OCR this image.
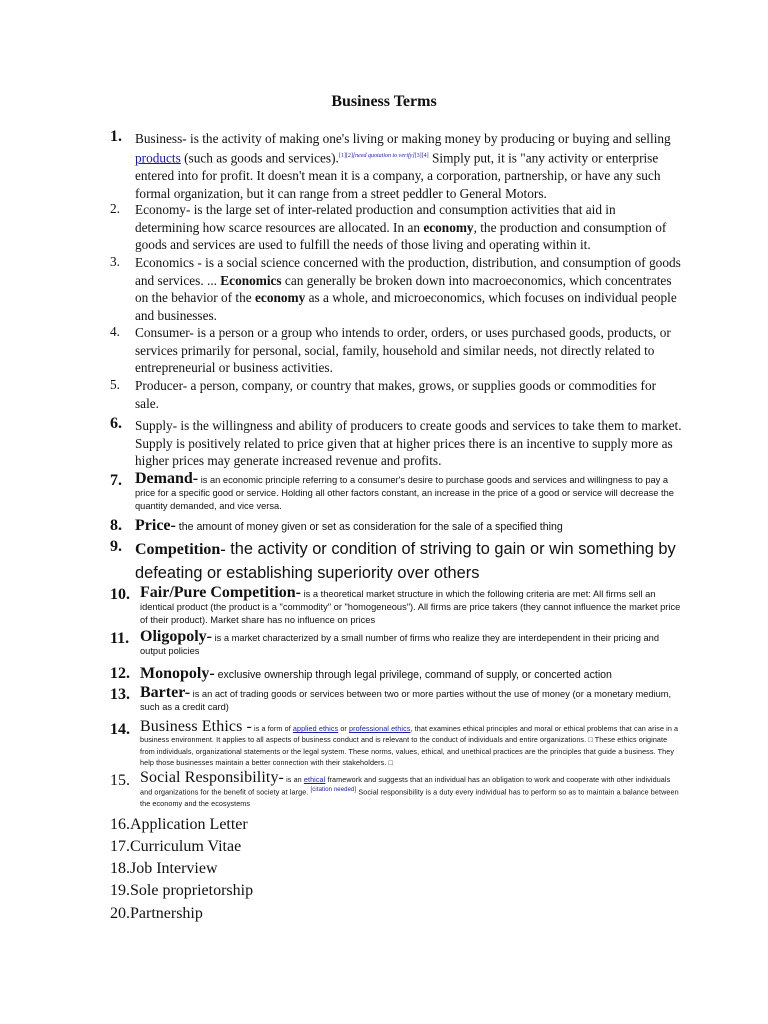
Business Terms
1. Business- is the activity of making one's living or making money by producing or buying and selling products (such as goods and services).[1][2][need quotation to verify][3][4] Simply put, it is "any activity or enterprise entered into for profit. It doesn't mean it is a company, a corporation, partnership, or have any such formal organization, but it can range from a street peddler to General Motors.
2. Economy- is the large set of inter-related production and consumption activities that aid in determining how scarce resources are allocated. In an economy, the production and consumption of goods and services are used to fulfill the needs of those living and operating within it.
3. Economics - is a social science concerned with the production, distribution, and consumption of goods and services. ... Economics can generally be broken down into macroeconomics, which concentrates on the behavior of the economy as a whole, and microeconomics, which focuses on individual people and businesses.
4. Consumer- is a person or a group who intends to order, orders, or uses purchased goods, products, or services primarily for personal, social, family, household and similar needs, not directly related to entrepreneurial or business activities.
5. Producer- a person, company, or country that makes, grows, or supplies goods or commodities for sale.
6. Supply- is the willingness and ability of producers to create goods and services to take them to market. Supply is positively related to price given that at higher prices there is an incentive to supply more as higher prices may generate increased revenue and profits.
7. Demand- is an economic principle referring to a consumer's desire to purchase goods and services and willingness to pay a price for a specific good or service. Holding all other factors constant, an increase in the price of a good or service will decrease the quantity demanded, and vice versa.
8. Price- the amount of money given or set as consideration for the sale of a specified thing
9. Competition- the activity or condition of striving to gain or win something by defeating or establishing superiority over others
10. Fair/Pure Competition- is a theoretical market structure in which the following criteria are met: All firms sell an identical product (the product is a "commodity" or "homogeneous"). All firms are price takers (they cannot influence the market price of their product). Market share has no influence on prices
11. Oligopoly- is a market characterized by a small number of firms who realize they are interdependent in their pricing and output policies
12. Monopoly- exclusive ownership through legal privilege, command of supply, or concerted action
13. Barter- is an act of trading goods or services between two or more parties without the use of money (or a monetary medium, such as a credit card)
14. Business Ethics - is a form of applied ethics or professional ethics, that examines ethical principles and moral or ethical problems that can arise in a business environment. It applies to all aspects of business conduct and is relevant to the conduct of individuals and entire organizations. □ These ethics originate from individuals, organizational statements or the legal system. These norms, values, ethical, and unethical practices are the principles that guide a business. They help those businesses maintain a better connection with their stakeholders. □
15. Social Responsibility- is an ethical framework and suggests that an individual has an obligation to work and cooperate with other individuals and organizations for the benefit of society at large. [citation needed] Social responsibility is a duty every individual has to perform so as to maintain a balance between the economy and the ecosystems
16.Application Letter
17.Curriculum Vitae
18.Job Interview
19.Sole proprietorship
20.Partnership
